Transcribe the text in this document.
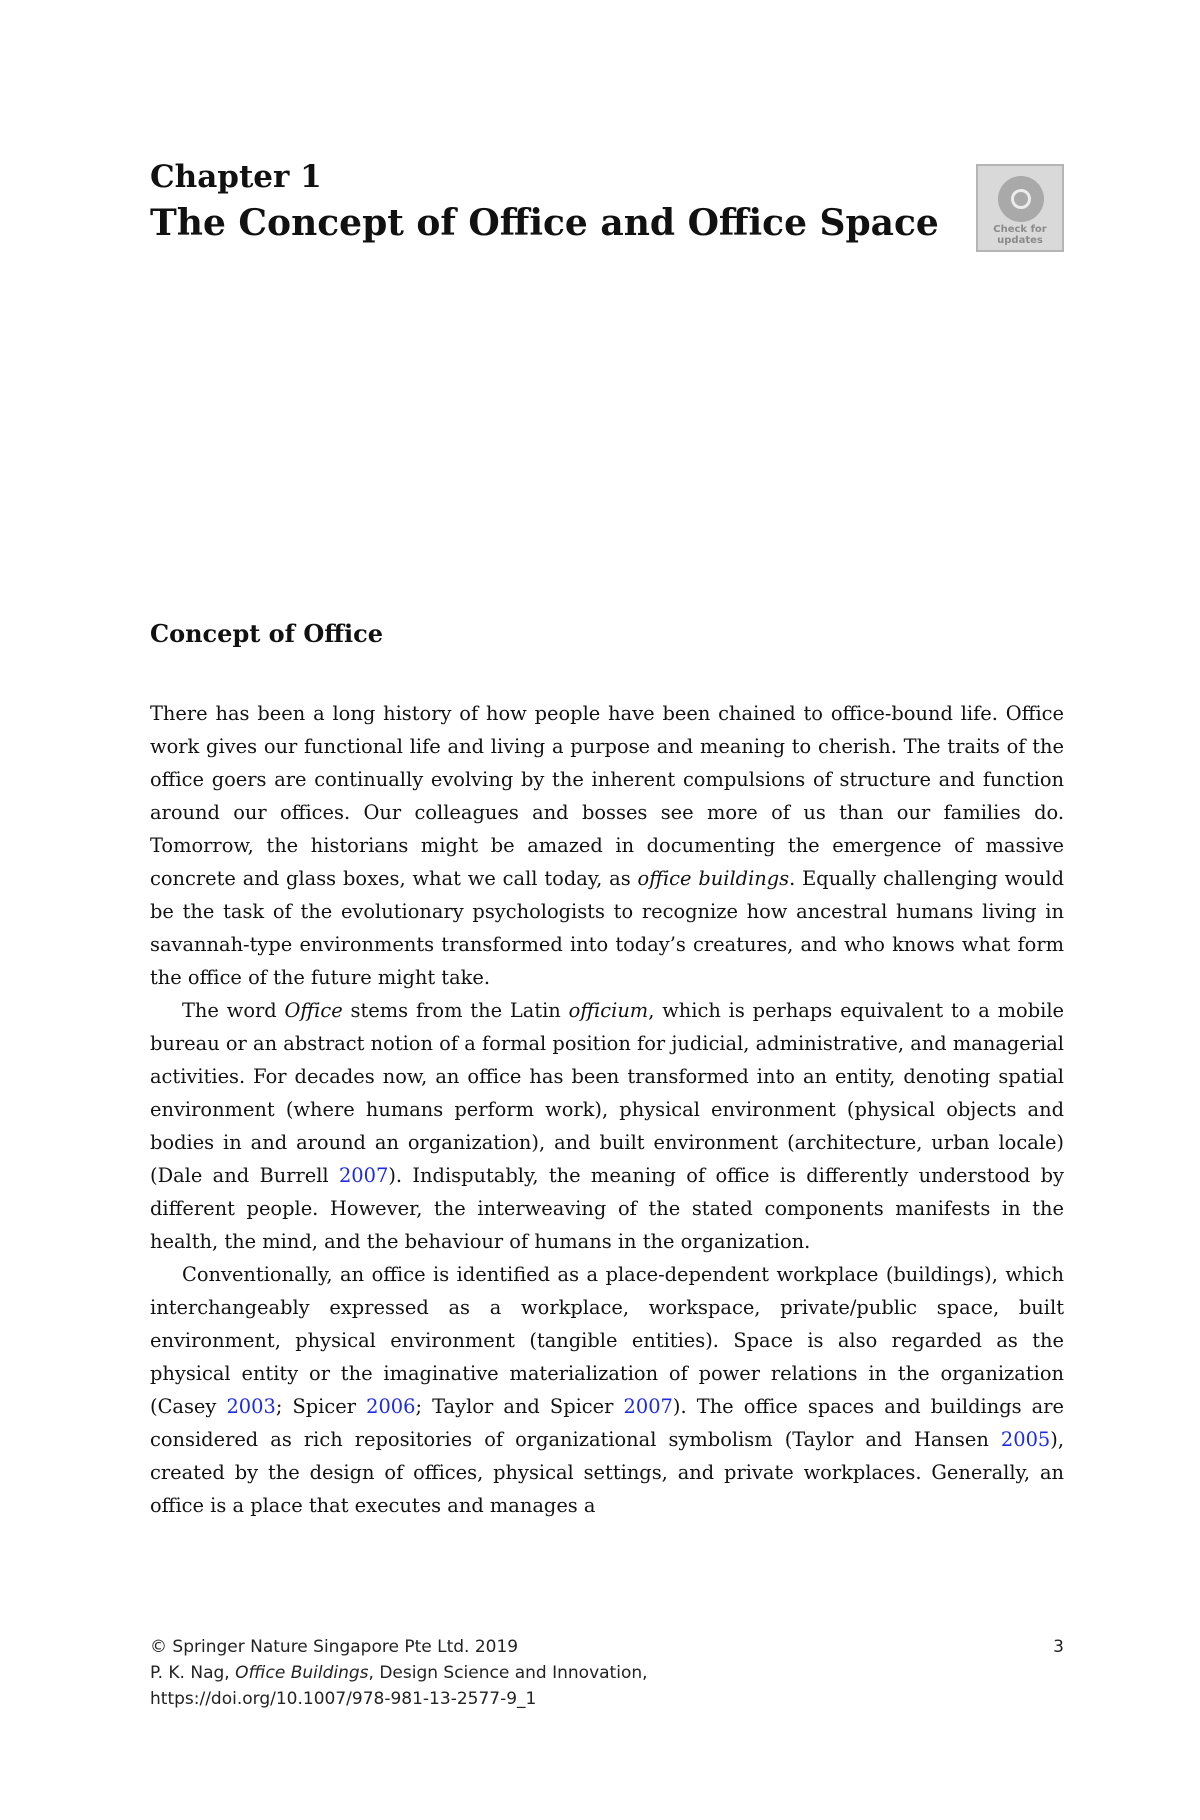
Chapter 1
The Concept of Office and Office Space	Check for updates
Concept of Office

There has been a long history of how people have been chained to office-bound life. Office work gives our functional life and living a purpose and meaning to cherish. The traits of the office goers are continually evolving by the inherent compulsions of structure and function around our offices. Our colleagues and bosses see more of us than our families do. Tomorrow, the historians might be amazed in documenting the emergence of massive concrete and glass boxes, what we call today, as office buildings. Equally challenging would be the task of the evolutionary psychologists to recognize how ancestral humans living in savannah-type environments transformed into today’s creatures, and who knows what form the office of the future might take.

The word Office stems from the Latin officium, which is perhaps equivalent to a mobile bureau or an abstract notion of a formal position for judicial, administrative, and managerial activities. For decades now, an office has been transformed into an entity, denoting spatial environment (where humans perform work), physical environment (physical objects and bodies in and around an organization), and built environment (architecture, urban locale) (Dale and Burrell 2007). Indisputably, the meaning of office is differently understood by different people. However, the interweaving of the stated components manifests in the health, the mind, and the behaviour of humans in the organization.

Conventionally, an office is identified as a place-dependent workplace (buildings), which interchangeably expressed as a workplace, workspace, private/public space, built environment, physical environment (tangible entities). Space is also regarded as the physical entity or the imaginative materialization of power relations in the organization (Casey 2003; Spicer 2006; Taylor and Spicer 2007). The office spaces and buildings are considered as rich repositories of organizational symbolism (Taylor and Hansen 2005), created by the design of offices, physical settings, and private workplaces. Generally, an office is a place that executes and manages a

© Springer Nature Singapore Pte Ltd. 2019
P. K. Nag, Office Buildings, Design Science and Innovation,
https://doi.org/10.1007/978-981-13-2577-9_1
3
